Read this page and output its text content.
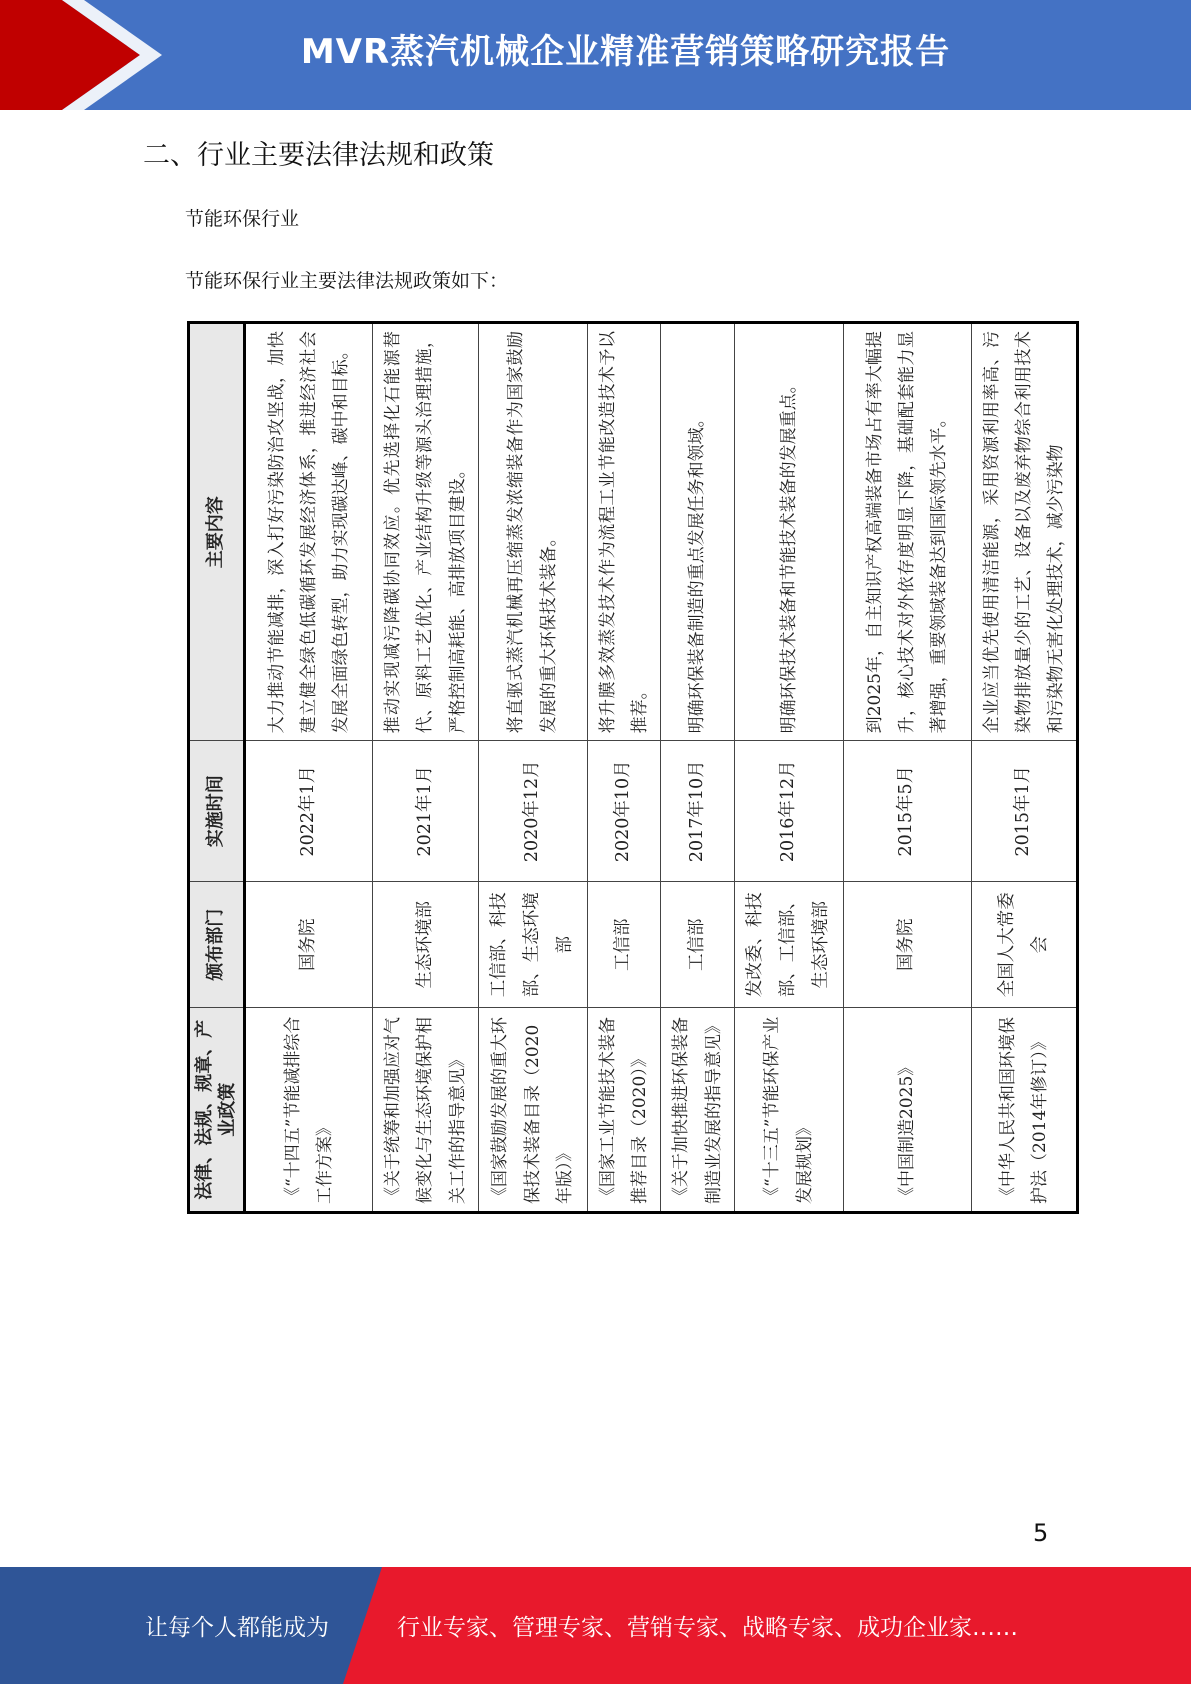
MVR蒸汽机械企业精准营销策略研究报告
二、行业主要法律法规和政策
节能环保行业
节能环保行业主要法律法规政策如下：
法律、法规、规章、产业政策	颁布部门	实施时间	主要内容
《“十四五”节能减排综合工作方案》	国务院	2022年1月	大力推动节能减排，深入打好污染防治攻坚战，加快建立健全绿色低碳循环发展经济体系，推进经济社会发展全面绿色转型，助力实现碳达峰、碳中和目标。
《关于统筹和加强应对气候变化与生态环境保护相关工作的指导意见》	生态环境部	2021年1月	推动实现减污降碳协同效应。优先选择化石能源替代、原料工艺优化、产业结构升级等源头治理措施，严格控制高耗能、高排放项目建设。
《国家鼓励发展的重大环保技术装备目录（2020年版）》	工信部、科技部、生态环境部	2020年12月	将直驱式蒸汽机械再压缩蒸发浓缩装备作为国家鼓励发展的重大环保技术装备。
《国家工业节能技术装备推荐目录（2020）》	工信部	2020年10月	将升膜多效蒸发技术作为流程工业节能改造技术予以推荐。
《关于加快推进环保装备制造业发展的指导意见》	工信部	2017年10月	明确环保装备制造的重点发展任务和领域。
《“十三五”节能环保产业发展规划》	发改委、科技部、工信部、生态环境部	2016年12月	明确环保技术装备和节能技术装备的发展重点。
《中国制造2025》	国务院	2015年5月	到2025年，自主知识产权高端装备市场占有率大幅提升，核心技术对外依存度明显下降，基础配套能力显著增强，重要领域装备达到国际领先水平。
《中华人民共和国环境保护法（2014年修订）》	全国人大常委会	2015年1月	企业应当优先使用清洁能源，采用资源利用率高、污染物排放量少的工艺、设备以及废弃物综合利用技术和污染物无害化处理技术，减少污染物
5
让每个人都能成为	行业专家、管理专家、营销专家、战略专家、成功企业家……
